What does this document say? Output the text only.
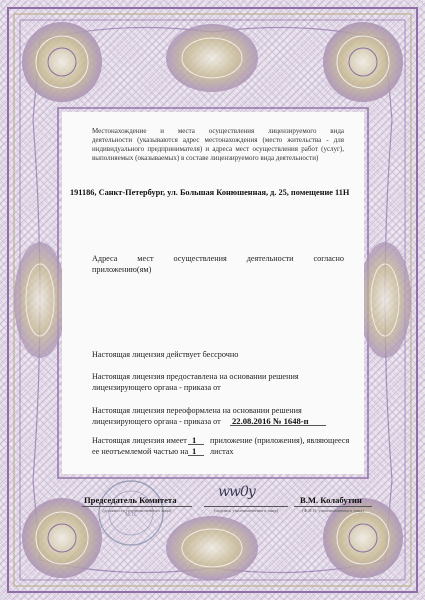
Местонахождение и места осуществления лицензируемого вида
деятельности (указываются адрес местонахождения (место жительства - для
индивидуального предпринимателя) и адреса мест осуществления работ (услуг),
выполняемых (оказываемых) в составе лицензируемого вида деятельности)
191186, Санкт-Петербург, ул. Большая Конюшенная, д. 25, помещение 11Н
Адреса мест осуществления деятельности согласно
приложению(ям)
Настоящая лицензия действует бессрочно
Настоящая лицензия предоставлена на основании решения
лицензирующего органа - приказа от
Настоящая лицензия переоформлена на основании решения
лицензирующего органа - приказа от	22.08.2016 № 1648-п
Настоящая лицензия имеет 1	приложение (приложения), являющееся
ее неотъемлемой частью на 1	листах
М.П.
Председатель Комитета
(должность уполномоченного лица)
ww0y
(подпись уполномоченного лица)
В.М. Колабутин
(Ф.И.О. уполномоченного лица)
